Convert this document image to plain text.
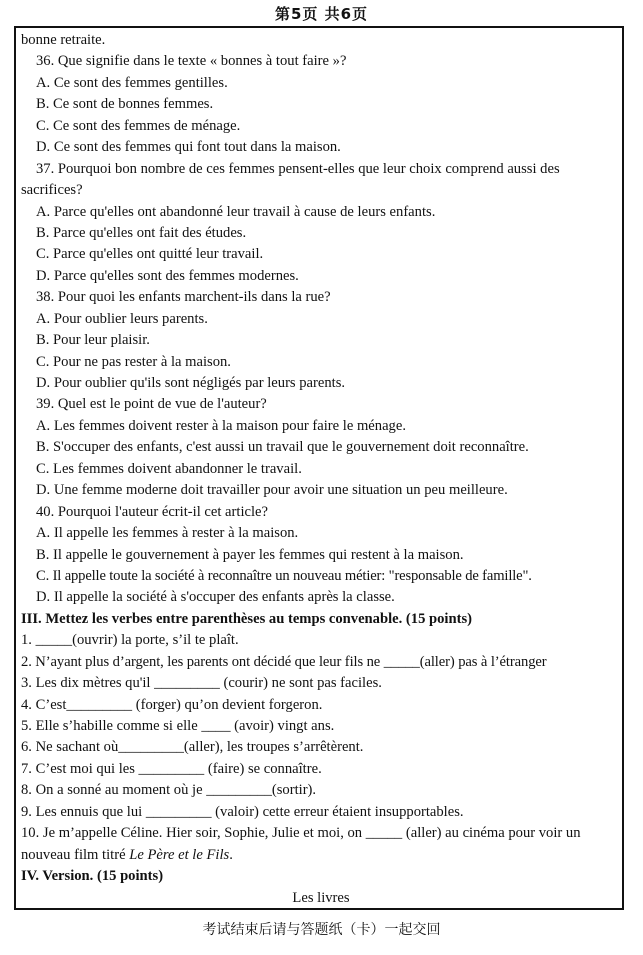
第5页 共6页
bonne retraite.
36. Que signifie dans le texte « bonnes à tout faire »?
A. Ce sont des femmes gentilles.
B. Ce sont de bonnes femmes.
C. Ce sont des femmes de ménage.
D. Ce sont des femmes qui font tout dans la maison.
37. Pourquoi bon nombre de ces femmes pensent-elles que leur choix comprend aussi des sacrifices?
A. Parce qu'elles ont abandonné leur travail à cause de leurs enfants.
B. Parce qu'elles ont fait des études.
C. Parce qu'elles ont quitté leur travail.
D. Parce qu'elles sont des femmes modernes.
38. Pour quoi les enfants marchent-ils dans la rue?
A. Pour oublier leurs parents.
B. Pour leur plaisir.
C. Pour ne pas rester à la maison.
D. Pour oublier qu'ils sont négligés par leurs parents.
39. Quel est le point de vue de l'auteur?
A. Les femmes doivent rester à la maison pour faire le ménage.
B. S'occuper des enfants, c'est aussi un travail que le gouvernement doit reconnaître.
C. Les femmes doivent abandonner le travail.
D. Une femme moderne doit travailler pour avoir une situation un peu meilleure.
40. Pourquoi l'auteur écrit-il cet article?
A. Il appelle les femmes à rester à la maison.
B. Il appelle le gouvernement à payer les femmes qui restent à la maison.
C. Il appelle toute la société à reconnaître un nouveau métier: "responsable de famille".
D. Il appelle la société à s'occuper des enfants après la classe.
III. Mettez les verbes entre parenthèses au temps convenable. (15 points)
1. _____(ouvrir) la porte, s’il te plaît.
2. N’ayant plus d’argent, les parents ont décidé que leur fils ne _____(aller) pas à l’étranger
3. Les dix mètres qu'il _________ (courir) ne sont pas faciles.
4. C’est_________ (forger) qu’on devient forgeron.
5. Elle s’habille comme si elle ____ (avoir) vingt ans.
6. Ne sachant où_________(aller), les troupes s’arrêtèrent.
7. C’est moi qui les _________ (faire) se connaître.
8. On a sonné au moment où je _________(sortir).
9. Les ennuis que lui _________ (valoir) cette erreur étaient insupportables.
10. Je m’appelle Céline. Hier soir, Sophie, Julie et moi, on _____ (aller) au cinéma pour voir un nouveau film titré Le Père et le Fils.
IV. Version. (15 points)
Les livres
考试结束后请与答题纸（卡）一起交回
